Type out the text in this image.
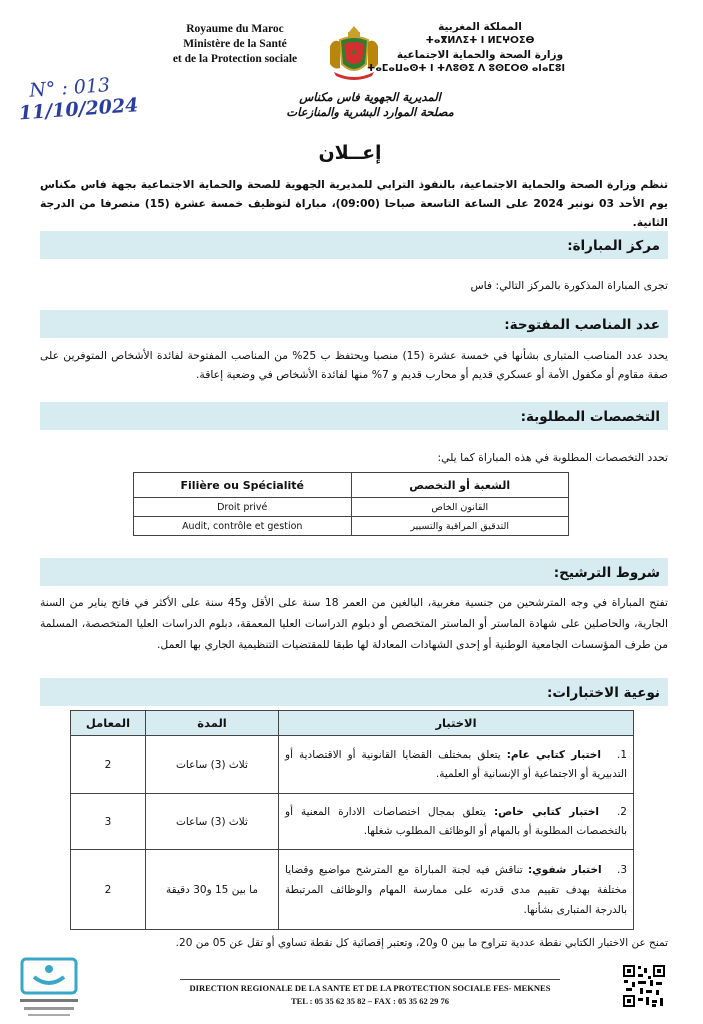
Royaume du Maroc
Ministère de la Santé
et de la Protection sociale
المملكة المغربية
ⵜⴰⴳⵍⴷⵉⵜ ⵏ ⵍⵎⵖⵔⵉⴱ
وزارة الصحة والحماية الاجتماعية
ⵜⴰⵎⴰⵡⴰⵙⵜ ⵏ ⵜⴷⵓⵙⵉ ⴷ ⵓⵙⵎⵔⵙ ⴰⵏⴰⵎⵓⵏ
N° : 013
11/10/2024	المديرية الجهوية فاس مكناس
مصلحة الموارد البشرية والمنازعات
إعــلان
تنظم وزارة الصحة والحماية الاجتماعية، بالنفوذ الترابي للمديرية الجهوية للصحة والحماية الاجتماعية بجهة فاس مكناس يوم الأحد 03 نونبر 2024 على الساعة التاسعة صباحا (09:00)، مباراة لتوظيف خمسة عشرة (15) متصرفا من الدرجة الثانية.
مركز المباراة:
تجرى المباراة المذكورة بالمركز التالي: فاس
عدد المناصب المفتوحة:
يحدد عدد المناصب المتبارى بشأنها في خمسة عشرة (15) منصبا ويحتفظ ب 25% من المناصب المفتوحة لفائدة الأشخاص المتوفرين على صفة مقاوم أو مكفول الأمة أو عسكري قديم أو محارب قديم و 7% منها لفائدة الأشخاص في وضعية إعاقة.
التخصصات المطلوبة:
تحدد التخصصات المطلوبة في هذه المباراة كما يلي:
Filière ou Spécialité	الشعبة أو التخصص
Droit privé	القانون الخاص
Audit, contrôle et gestion	التدقيق المراقبة والتسيير
شروط الترشيح:
تفتح المباراة في وجه المترشحين من جنسية مغربية، البالغين من العمر 18 سنة على الأقل و45 سنة على الأكثر في فاتح يناير من السنة الجارية، والحاصلين على شهادة الماستر أو الماستر المتخصص أو دبلوم الدراسات العليا المعمقة، دبلوم الدراسات العليا المتخصصة، المسلمة من طرف المؤسسات الجامعية الوطنية أو إحدى الشهادات المعادلة لها طبقا للمقتضيات التنظيمية الجاري بها العمل.
نوعية الاختبارات:
الاختبار	المدة	المعامل
1. اختبار كتابي عام: يتعلق بمختلف القضايا القانونية أو الاقتصادية أو التدبيرية أو الاجتماعية أو الإنسانية أو العلمية.	ثلاث (3) ساعات	2
2. اختبار كتابي خاص: يتعلق بمجال اختصاصات الادارة المعنية أو بالتخصصات المطلوبة أو بالمهام أو الوظائف المطلوب شغلها.	ثلاث (3) ساعات	3
3. اختبار شفوي: تناقش فيه لجنة المباراة مع المترشح مواضيع وقضايا مختلفة بهدف تقييم مدى قدرته على ممارسة المهام والوظائف المرتبطة بالدرجة المتبارى بشأنها.	ما بين 15 و30 دقيقة	2
تمنح عن الاختبار الكتابي نقطة عددية تتراوح ما بين 0 و20، وتعتبر إقصائية كل نقطة تساوي أو تقل عن 05 من 20.
DIRECTION REGIONALE DE LA SANTE ET DE LA PROTECTION SOCIALE FES- MEKNES
TEL : 05 35 62 35 82 – FAX : 05 35 62 29 76
